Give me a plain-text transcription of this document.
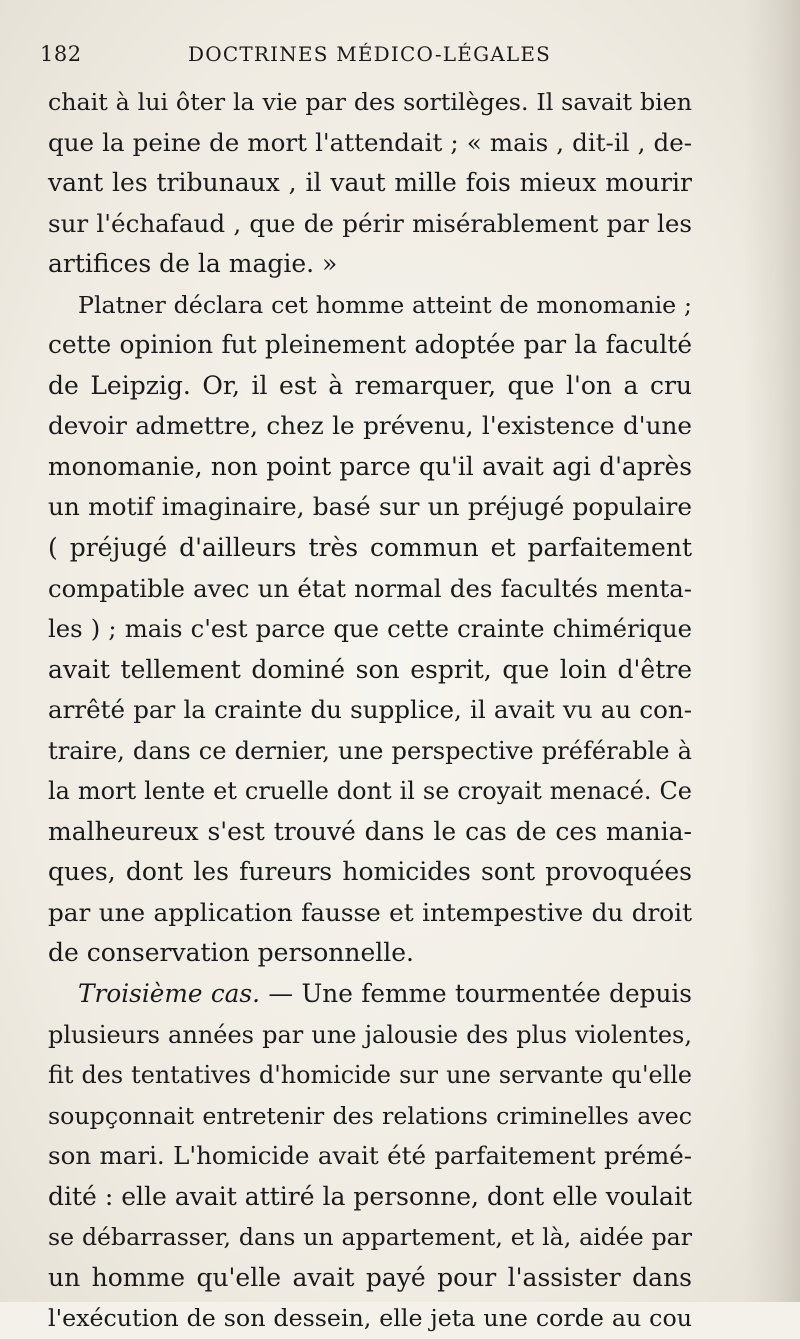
182	DOCTRINES MÉDICO-LÉGALES
chait à lui ôter la vie par des sortilèges. Il savait bien
que la peine de mort l'attendait ; « mais , dit-il , de-
vant les tribunaux , il vaut mille fois mieux mourir
sur l'échafaud , que de périr misérablement par les
artifices de la magie. »
Platner déclara cet homme atteint de monomanie ;
cette opinion fut pleinement adoptée par la faculté
de Leipzig. Or, il est à remarquer, que l'on a cru
devoir admettre, chez le prévenu, l'existence d'une
monomanie, non point parce qu'il avait agi d'après
un motif imaginaire, basé sur un préjugé populaire
( préjugé d'ailleurs très commun et parfaitement
compatible avec un état normal des facultés menta-
les ) ; mais c'est parce que cette crainte chimérique
avait tellement dominé son esprit, que loin d'être
arrêté par la crainte du supplice, il avait vu au con-
traire, dans ce dernier, une perspective préférable à
la mort lente et cruelle dont il se croyait menacé. Ce
malheureux s'est trouvé dans le cas de ces mania-
ques, dont les fureurs homicides sont provoquées
par une application fausse et intempestive du droit
de conservation personnelle.
Troisième cas. — Une femme tourmentée depuis
plusieurs années par une jalousie des plus violentes,
fit des tentatives d'homicide sur une servante qu'elle
soupçonnait entretenir des relations criminelles avec
son mari. L'homicide avait été parfaitement prémé-
dité : elle avait attiré la personne, dont elle voulait
se débarrasser, dans un appartement, et là, aidée par
un homme qu'elle avait payé pour l'assister dans
l'exécution de son dessein, elle jeta une corde au cou
